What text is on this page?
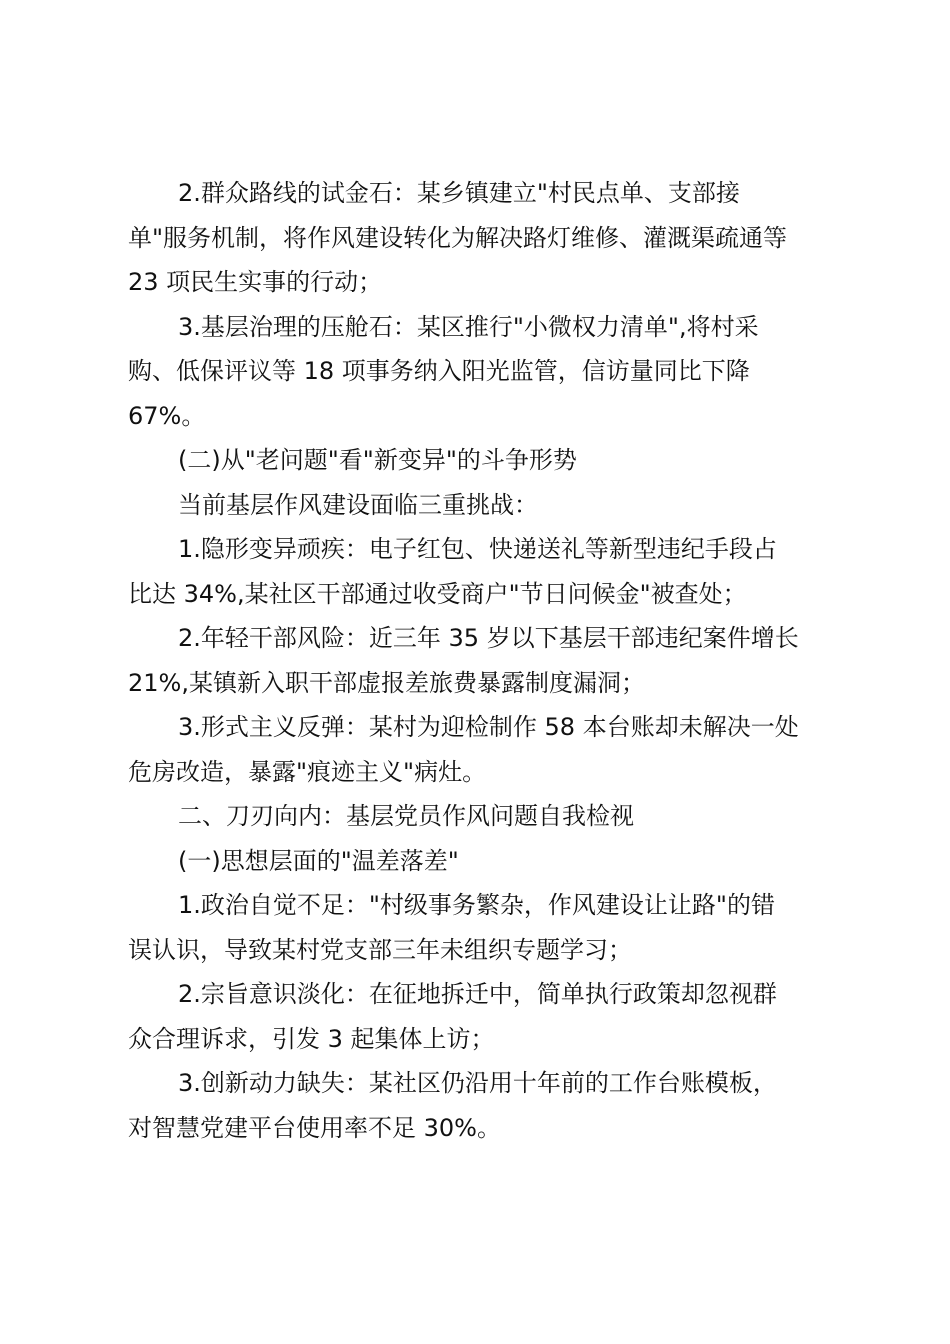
2.群众路线的试金石：某乡镇建立"村民点单、支部接
单"服务机制，将作风建设转化为解决路灯维修、灌溉渠疏通等
23 项民生实事的行动；
3.基层治理的压舱石：某区推行"小微权力清单",将村采
购、低保评议等 18 项事务纳入阳光监管，信访量同比下降
67%。
(二)从"老问题"看"新变异"的斗争形势
当前基层作风建设面临三重挑战：
1.隐形变异顽疾：电子红包、快递送礼等新型违纪手段占
比达 34%,某社区干部通过收受商户"节日问候金"被查处；
2.年轻干部风险：近三年 35 岁以下基层干部违纪案件增长
21%,某镇新入职干部虚报差旅费暴露制度漏洞；
3.形式主义反弹：某村为迎检制作 58 本台账却未解决一处
危房改造，暴露"痕迹主义"病灶。
二、刀刃向内：基层党员作风问题自我检视
(一)思想层面的"温差落差"
1.政治自觉不足："村级事务繁杂，作风建设让让路"的错
误认识，导致某村党支部三年未组织专题学习；
2.宗旨意识淡化：在征地拆迁中，简单执行政策却忽视群
众合理诉求，引发 3 起集体上访；
3.创新动力缺失：某社区仍沿用十年前的工作台账模板，
对智慧党建平台使用率不足 30%。
